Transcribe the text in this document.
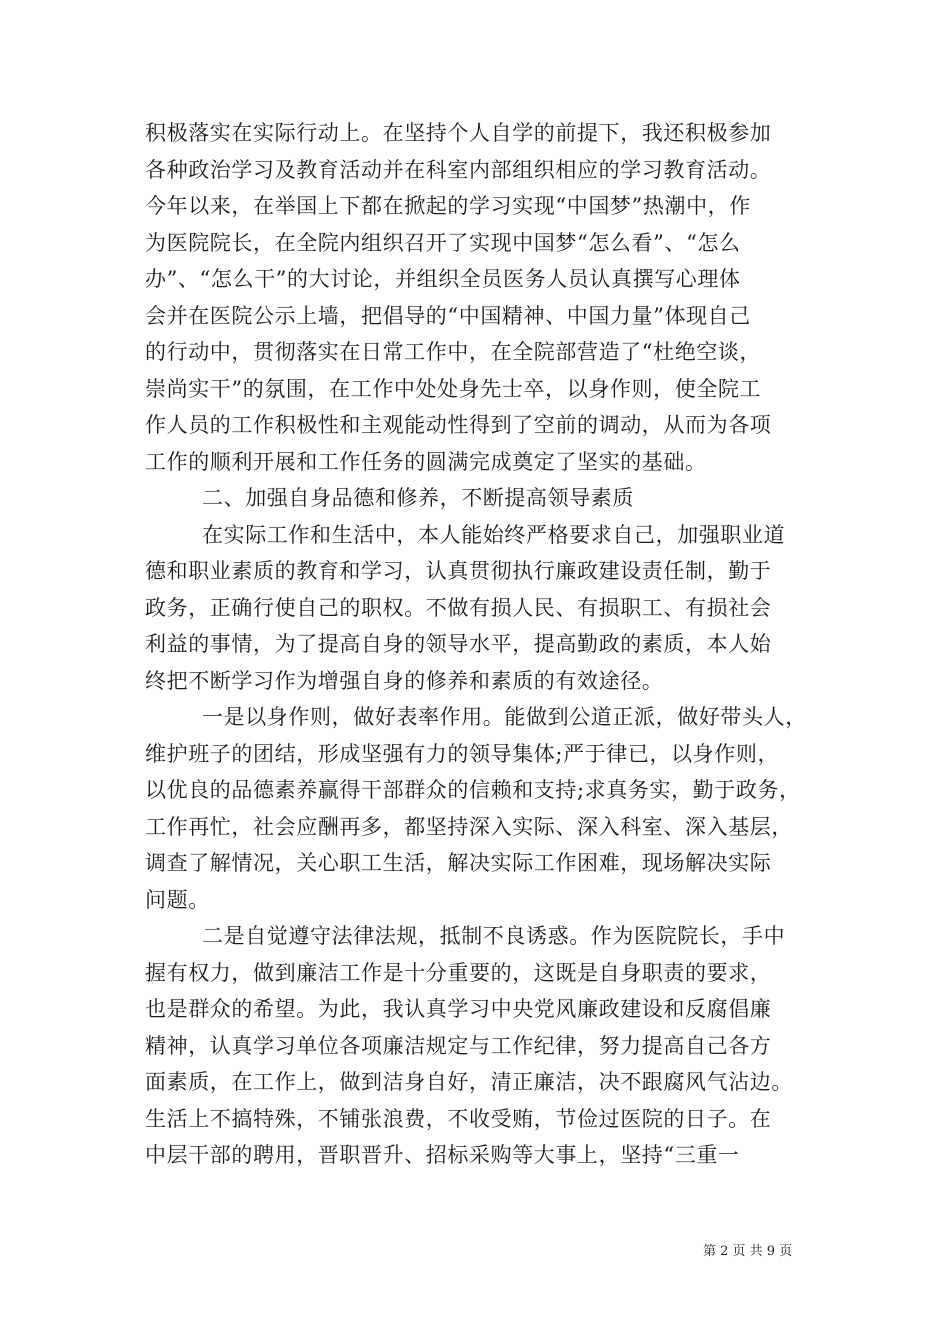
积极落实在实际行动上。在坚持个人自学的前提下，我还积极参加
各种政治学习及教育活动并在科室内部组织相应的学习教育活动。
今年以来，在举国上下都在掀起的学习实现“中国梦”热潮中，作
为医院院长，在全院内组织召开了实现中国梦“怎么看”、“怎么
办”、“怎么干”的大讨论，并组织全员医务人员认真撰写心理体
会并在医院公示上墙，把倡导的“中国精神、中国力量”体现自己
的行动中，贯彻落实在日常工作中，在全院部营造了“杜绝空谈，
崇尚实干”的氛围，在工作中处处身先士卒，以身作则，使全院工
作人员的工作积极性和主观能动性得到了空前的调动，从而为各项
工作的顺利开展和工作任务的圆满完成奠定了坚实的基础。
二、加强自身品德和修养，不断提高领导素质
在实际工作和生活中，本人能始终严格要求自己，加强职业道
德和职业素质的教育和学习，认真贯彻执行廉政建设责任制，勤于
政务，正确行使自己的职权。不做有损人民、有损职工、有损社会
利益的事情，为了提高自身的领导水平，提高勤政的素质，本人始
终把不断学习作为增强自身的修养和素质的有效途径。
一是以身作则，做好表率作用。能做到公道正派，做好带头人，
维护班子的团结，形成坚强有力的领导集体;严于律已，以身作则，
以优良的品德素养赢得干部群众的信赖和支持;求真务实，勤于政务，
工作再忙，社会应酬再多，都坚持深入实际、深入科室、深入基层，
调查了解情况，关心职工生活，解决实际工作困难，现场解决实际
问题。
二是自觉遵守法律法规，抵制不良诱惑。作为医院院长，手中
握有权力，做到廉洁工作是十分重要的，这既是自身职责的要求，
也是群众的希望。为此，我认真学习中央党风廉政建设和反腐倡廉
精神，认真学习单位各项廉洁规定与工作纪律，努力提高自己各方
面素质，在工作上，做到洁身自好，清正廉洁，决不跟腐风气沾边。
生活上不搞特殊，不铺张浪费，不收受贿，节俭过医院的日子。在
中层干部的聘用，晋职晋升、招标采购等大事上，坚持“三重一
第 2 页 共 9 页
